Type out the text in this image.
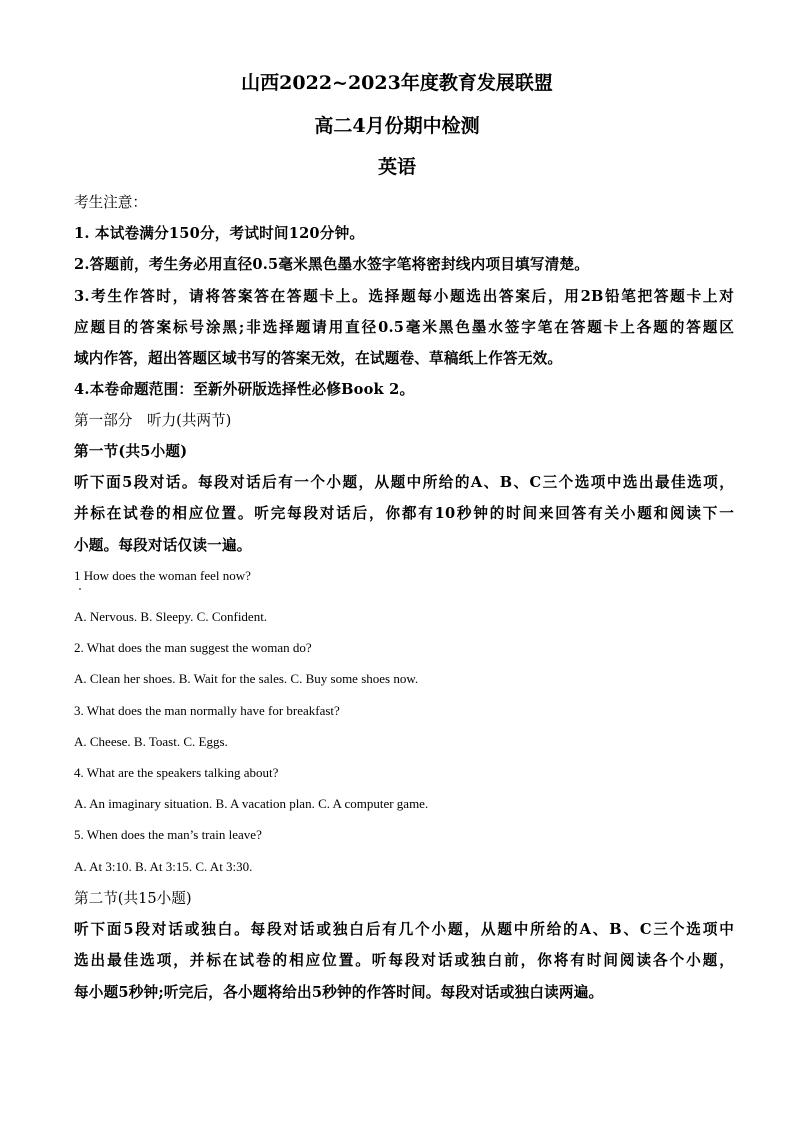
山西2022~2023年度教育发展联盟
高二4月份期中检测
英语
考生注意：
1. 本试卷满分150分，考试时间120分钟。
2.答题前，考生务必用直径0.5毫米黑色墨水签字笔将密封线内项目填写清楚。
3.考生作答时，请将答案答在答题卡上。选择题每小题选出答案后，用2B铅笔把答题卡上对
应题目的答案标号涂黑;非选择题请用直径0.5毫米黑色墨水签字笔在答题卡上各题的答题区
域内作答，超出答题区域书写的答案无效，在试题卷、草稿纸上作答无效。
4.本卷命题范围：至新外研版选择性必修Book 2。
第一部分　听力(共两节)
第一节(共5小题)
听下面5段对话。每段对话后有一个小题，从题中所给的A、B、C三个选项中选出最佳选项，
并标在试卷的相应位置。听完每段对话后，你都有10秒钟的时间来回答有关小题和阅读下一
小题。每段对话仅读一遍。
1 How does the woman feel now?
A. Nervous. B. Sleepy. C. Confident.
2. What does the man suggest the woman do?
A. Clean her shoes. B. Wait for the sales. C. Buy some shoes now.
3. What does the man normally have for breakfast?
A. Cheese. B. Toast. C. Eggs.
4. What are the speakers talking about?
A. An imaginary situation. B. A vacation plan. C. A computer game.
5. When does the man’s train leave?
A. At 3:10. B. At 3:15. C. At 3:30.
第二节(共15小题)
听下面5段对话或独白。每段对话或独白后有几个小题，从题中所给的A、B、C三个选项中
选出最佳选项，并标在试卷的相应位置。听每段对话或独白前，你将有时间阅读各个小题，
每小题5秒钟;听完后，各小题将给出5秒钟的作答时间。每段对话或独白读两遍。
